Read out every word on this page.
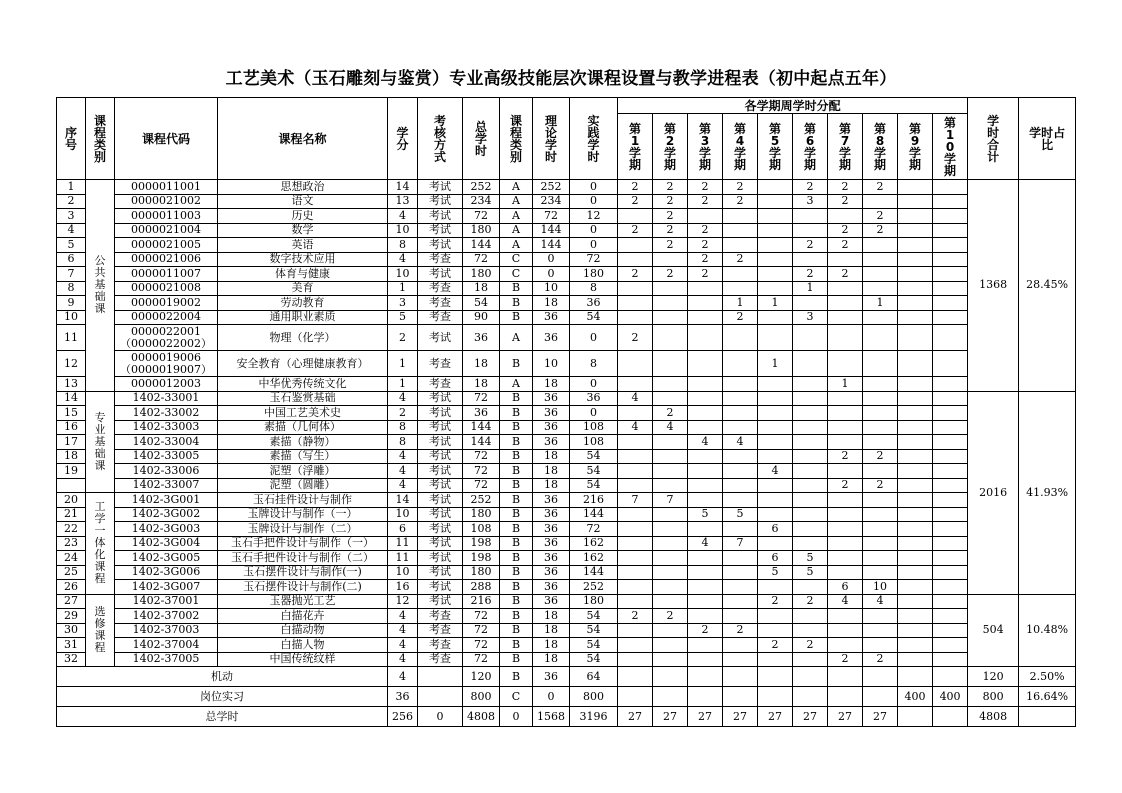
工艺美术（玉石雕刻与鉴赏）专业高级技能层次课程设置与教学进程表（初中起点五年）
序号	课程类别	课程代码	课程名称	学分	考核方式	总学时	课程类别	理论学时	实践学时	各学期周学时分配										学时合计	学时占比

										第1学期	第2学期	第3学期	第4学期	第5学期	第6学期	第7学期	第8学期	第9学期	第10学期		

1	公共基础课	0000011001	思想政治	14	考试	252	A	252	0	2	2	2	2		2	2	2			1368	28.45%
2		0000021002	语文	13	考试	234	A	234	0	2	2	2	2		3	2					
3		0000011003	历史	4	考试	72	A	72	12		2						2				
4		0000021004	数学	10	考试	180	A	144	0	2	2	2				2	2				
5		0000021005	英语	8	考试	144	A	144	0		2	2			2	2					
6		0000021006	数字技术应用	4	考查	72	C	0	72			2	2								
7		0000011007	体育与健康	10	考试	180	C	0	180	2	2	2			2	2					
8		0000021008	美育	1	考查	18	B	10	8						1						
9		0000019002	劳动教育	3	考查	54	B	18	36				1	1			1				
10		0000022004	通用职业素质	5	考查	90	B	36	54				2		3						
11		0000022001
（0000022002）	物理（化学）	2	考试	36	A	36	0	2											
12		0000019006
（0000019007）	安全教育（心理健康教育）	1	考查	18	B	10	8					1							
13		0000012003	中华优秀传统文化	1	考查	18	A	18	0							1					
14	专业基础课	1402-33001	玉石鉴赏基础	4	考试	72	B	36	36	4										2016	41.93%
15		1402-33002	中国工艺美术史	2	考试	36	B	36	0		2										
16		1402-33003	素描（几何体）	8	考试	144	B	36	108	4	4										
17		1402-33004	素描（静物）	8	考试	144	B	36	108			4	4								
18		1402-33005	素描（写生）	4	考试	72	B	18	54							2	2				
19		1402-33006	泥塑（浮雕）	4	考试	72	B	18	54					4							
		1402-33007	泥塑（圆雕）	4	考试	72	B	18	54							2	2				
20	工学一体化课程	1402-3G001	玉石挂件设计与制作	14	考试	252	B	36	216	7	7										
21		1402-3G002	玉牌设计与制作（一）	10	考试	180	B	36	144			5	5								
22		1402-3G003	玉牌设计与制作（二）	6	考试	108	B	36	72					6							
23		1402-3G004	玉石手把件设计与制作（一）	11	考试	198	B	36	162			4	7								
24		1402-3G005	玉石手把件设计与制作（二）	11	考试	198	B	36	162					6	5						
25		1402-3G006	玉石摆件设计与制作(一)	10	考试	180	B	36	144					5	5						
26		1402-3G007	玉石摆件设计与制作(二)	16	考试	288	B	36	252							6	10				
27	选修课程	1402-37001	玉器抛光工艺	12	考试	216	B	36	180					2	2	4	4			504	10.48%
29		1402-37002	白描花卉	4	考查	72	B	18	54	2	2										
30		1402-37003	白描动物	4	考查	72	B	18	54			2	2								
31		1402-37004	白描人物	4	考查	72	B	18	54					2	2						
32		1402-37005	中国传统纹样	4	考查	72	B	18	54							2	2				
机动				4		120	B	36	64											120	2.50%
岗位实习				36		800	C	0	800									400	400	800	16.64%
总学时				256	0	4808	0	1568	3196	27	27	27	27	27	27	27	27			4808	
